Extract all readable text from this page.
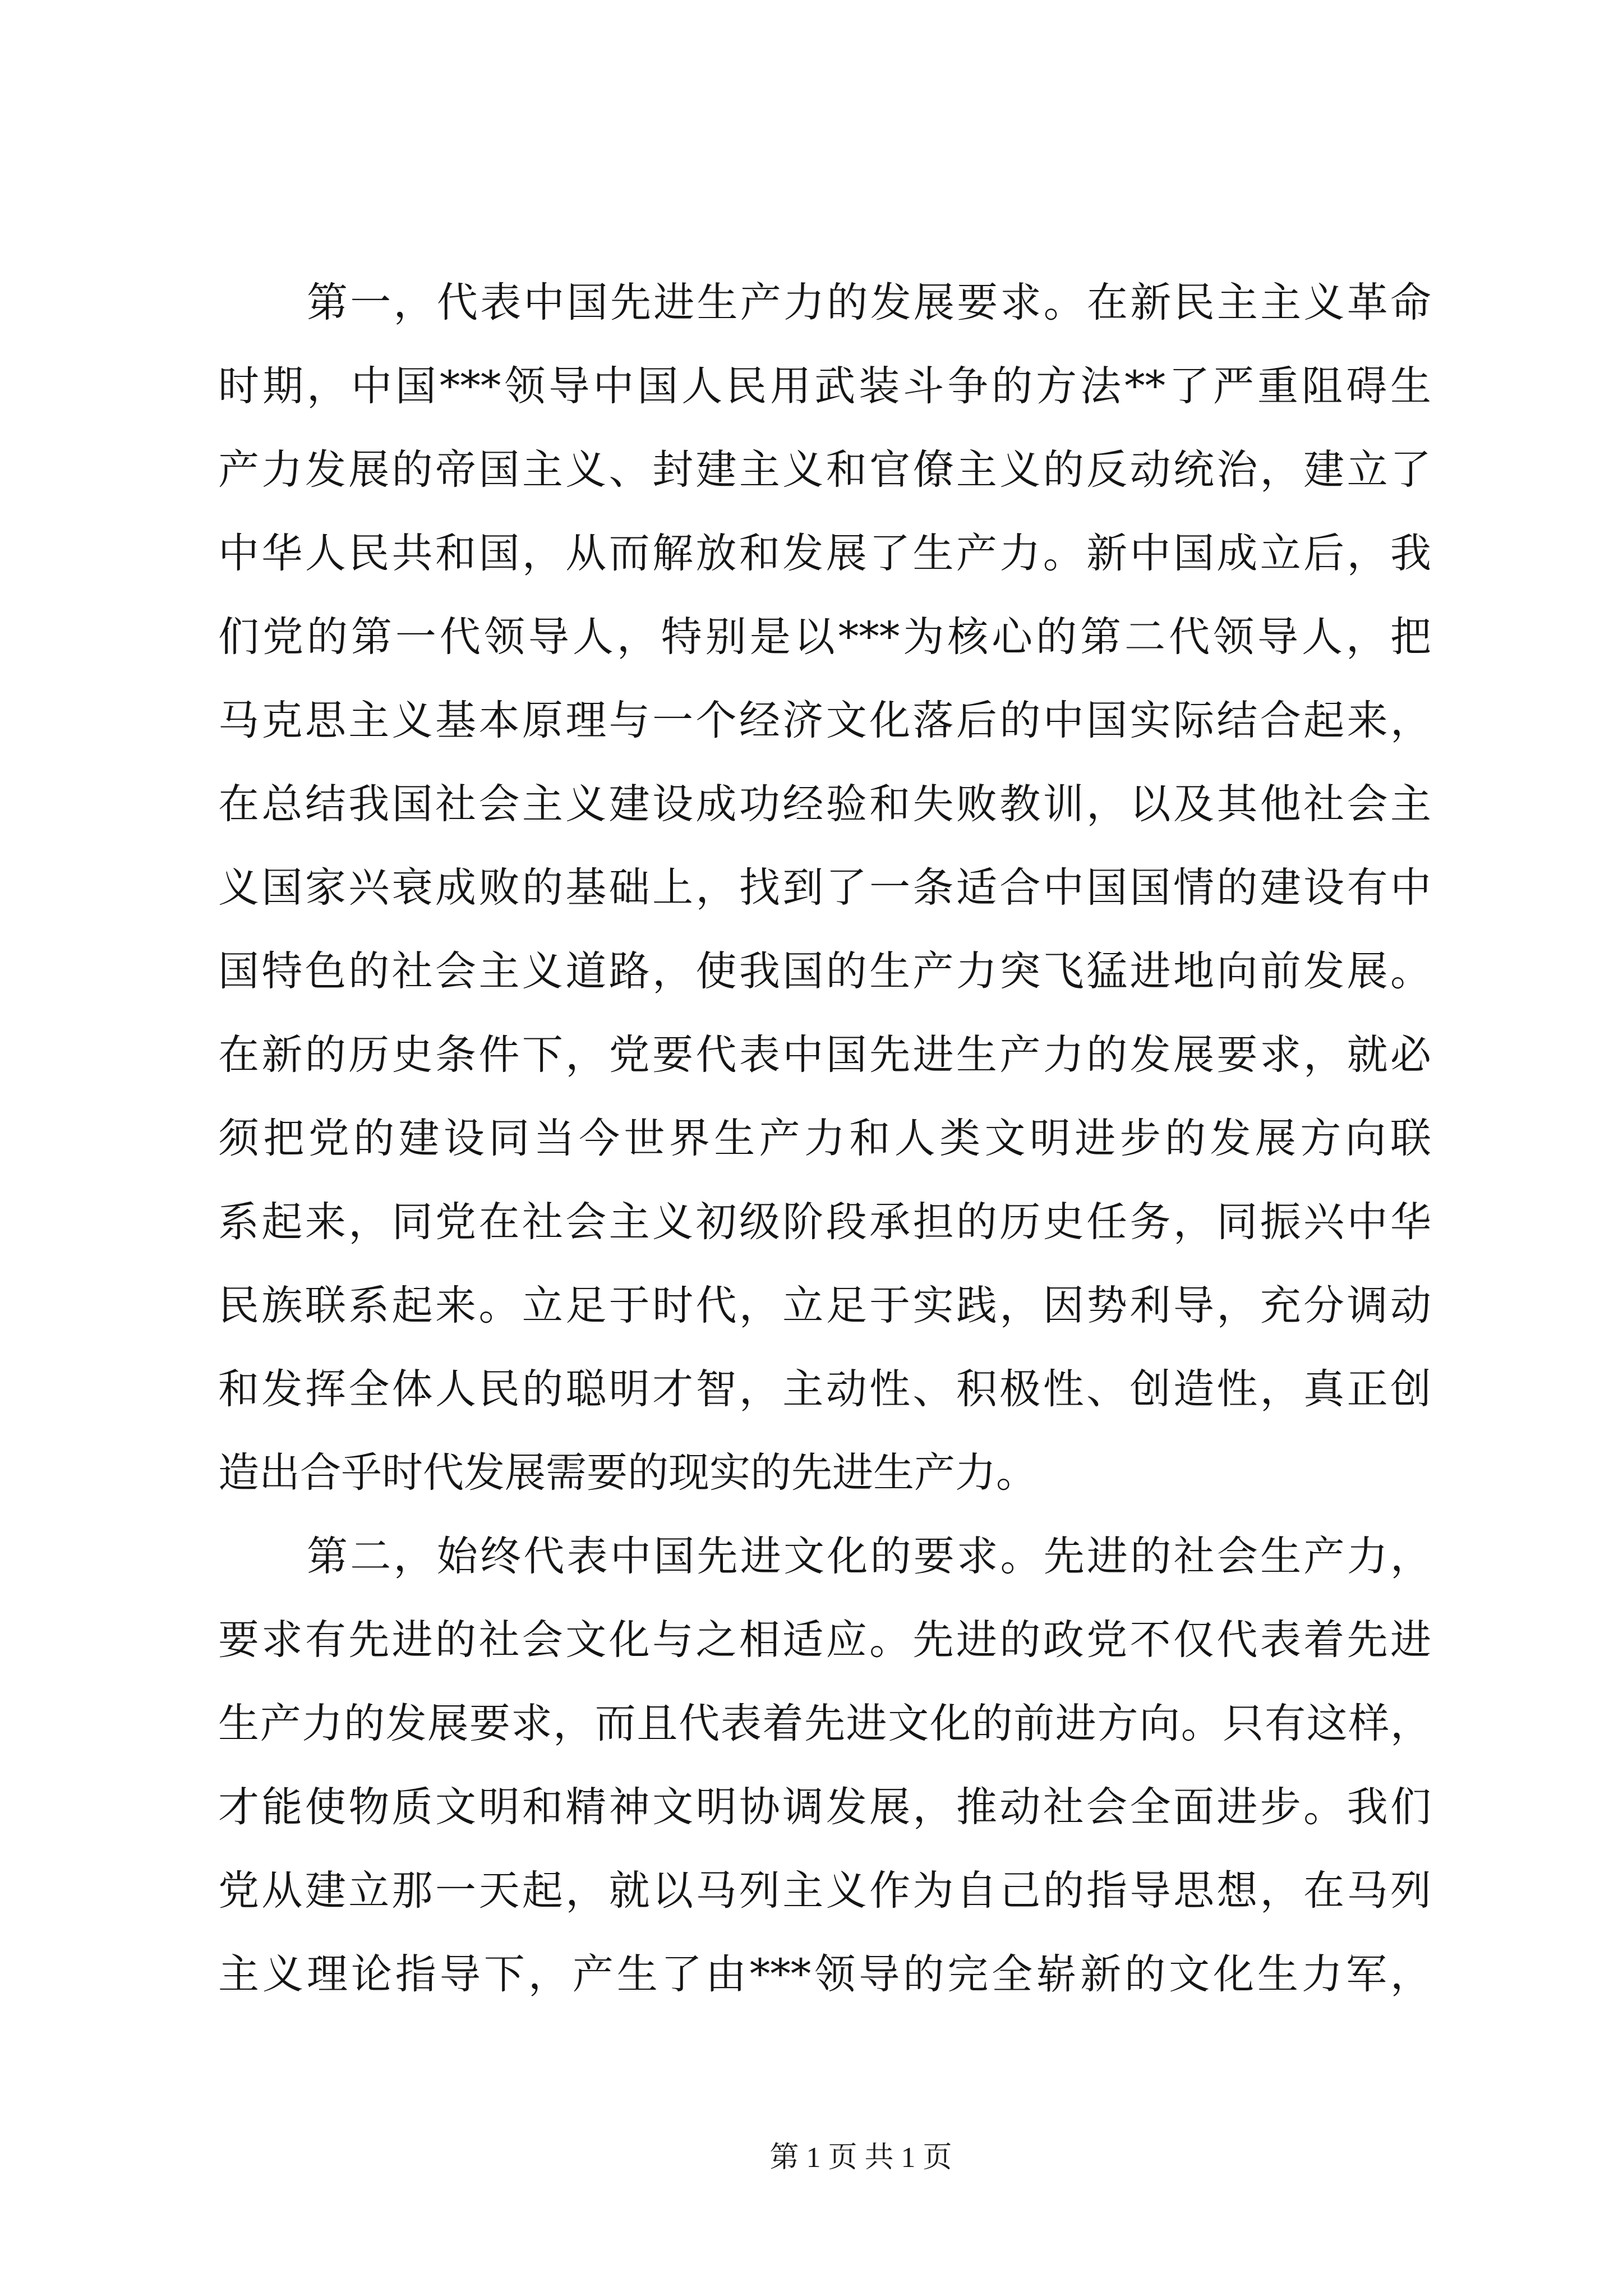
第一，代表中国先进生产力的发展要求。在新民主主义革命
时期，中国***领导中国人民用武装斗争的方法**了严重阻碍生
产力发展的帝国主义、封建主义和官僚主义的反动统治，建立了
中华人民共和国，从而解放和发展了生产力。新中国成立后，我
们党的第一代领导人，特别是以***为核心的第二代领导人，把
马克思主义基本原理与一个经济文化落后的中国实际结合起来，
在总结我国社会主义建设成功经验和失败教训，以及其他社会主
义国家兴衰成败的基础上，找到了一条适合中国国情的建设有中
国特色的社会主义道路，使我国的生产力突飞猛进地向前发展。
在新的历史条件下，党要代表中国先进生产力的发展要求，就必
须把党的建设同当今世界生产力和人类文明进步的发展方向联
系起来，同党在社会主义初级阶段承担的历史任务，同振兴中华
民族联系起来。立足于时代，立足于实践，因势利导，充分调动
和发挥全体人民的聪明才智，主动性、积极性、创造性，真正创
造出合乎时代发展需要的现实的先进生产力。
第二，始终代表中国先进文化的要求。先进的社会生产力，
要求有先进的社会文化与之相适应。先进的政党不仅代表着先进
生产力的发展要求，而且代表着先进文化的前进方向。只有这样，
才能使物质文明和精神文明协调发展，推动社会全面进步。我们
党从建立那一天起，就以马列主义作为自己的指导思想，在马列
主义理论指导下，产生了由***领导的完全崭新的文化生力军，
第 1 页 共 1 页
